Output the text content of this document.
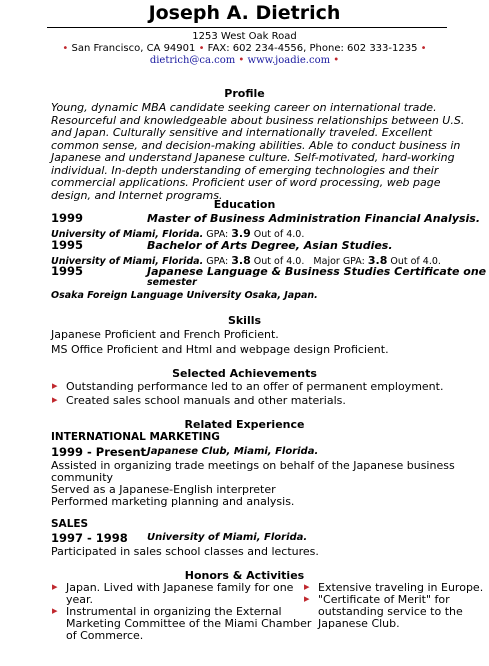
Joseph A. Dietrich
1253 West Oak Road
• San Francisco, CA 94901 • FAX: 602 234-4556, Phone: 602 333-1235 •
dietrich@ca.com • www.joadie.com •
Profile
Young, dynamic MBA candidate seeking career on international trade. Resourceful and knowledgeable about business relationships between U.S. and Japan. Culturally sensitive and internationally traveled. Excellent common sense, and decision-making abilities. Able to conduct business in Japanese and understand Japanese culture. Self-motivated, hard-working individual. In-depth understanding of emerging technologies and their commercial applications. Proficient user of word processing, web page design, and Internet programs.
Education
1999	Master of Business Administration Financial Analysis.
University of Miami, Florida. GPA: 3.9 Out of 4.0.
1995	Bachelor of Arts Degree, Asian Studies.
University of Miami, Florida. GPA: 3.8 Out of 4.0. Major GPA: 3.8 Out of 4.0.
1995	Japanese Language & Business Studies Certificate one
semester
Osaka Foreign Language University Osaka, Japan.
Skills
Japanese Proficient and French Proficient.
MS Office Proficient and Html and webpage design Proficient.
Selected Achievements
▸ Outstanding performance led to an offer of permanent employment.
▸ Created sales school manuals and other materials.
Related Experience
INTERNATIONAL MARKETING
1999 - Present Japanese Club, Miami, Florida.
Assisted in organizing trade meetings on behalf of the Japanese business
community
Served as a Japanese-English interpreter
Performed marketing planning and analysis.
SALES
1997 - 1998 University of Miami, Florida.
Participated in sales school classes and lectures.
Honors & Activities
▸ Japan. Lived with Japanese family for one
year.
▸ Instrumental in organizing the External
Marketing Committee of the Miami Chamber
of Commerce.
▸ Extensive traveling in Europe.
▸ "Certificate of Merit" for
outstanding service to the
Japanese Club.
